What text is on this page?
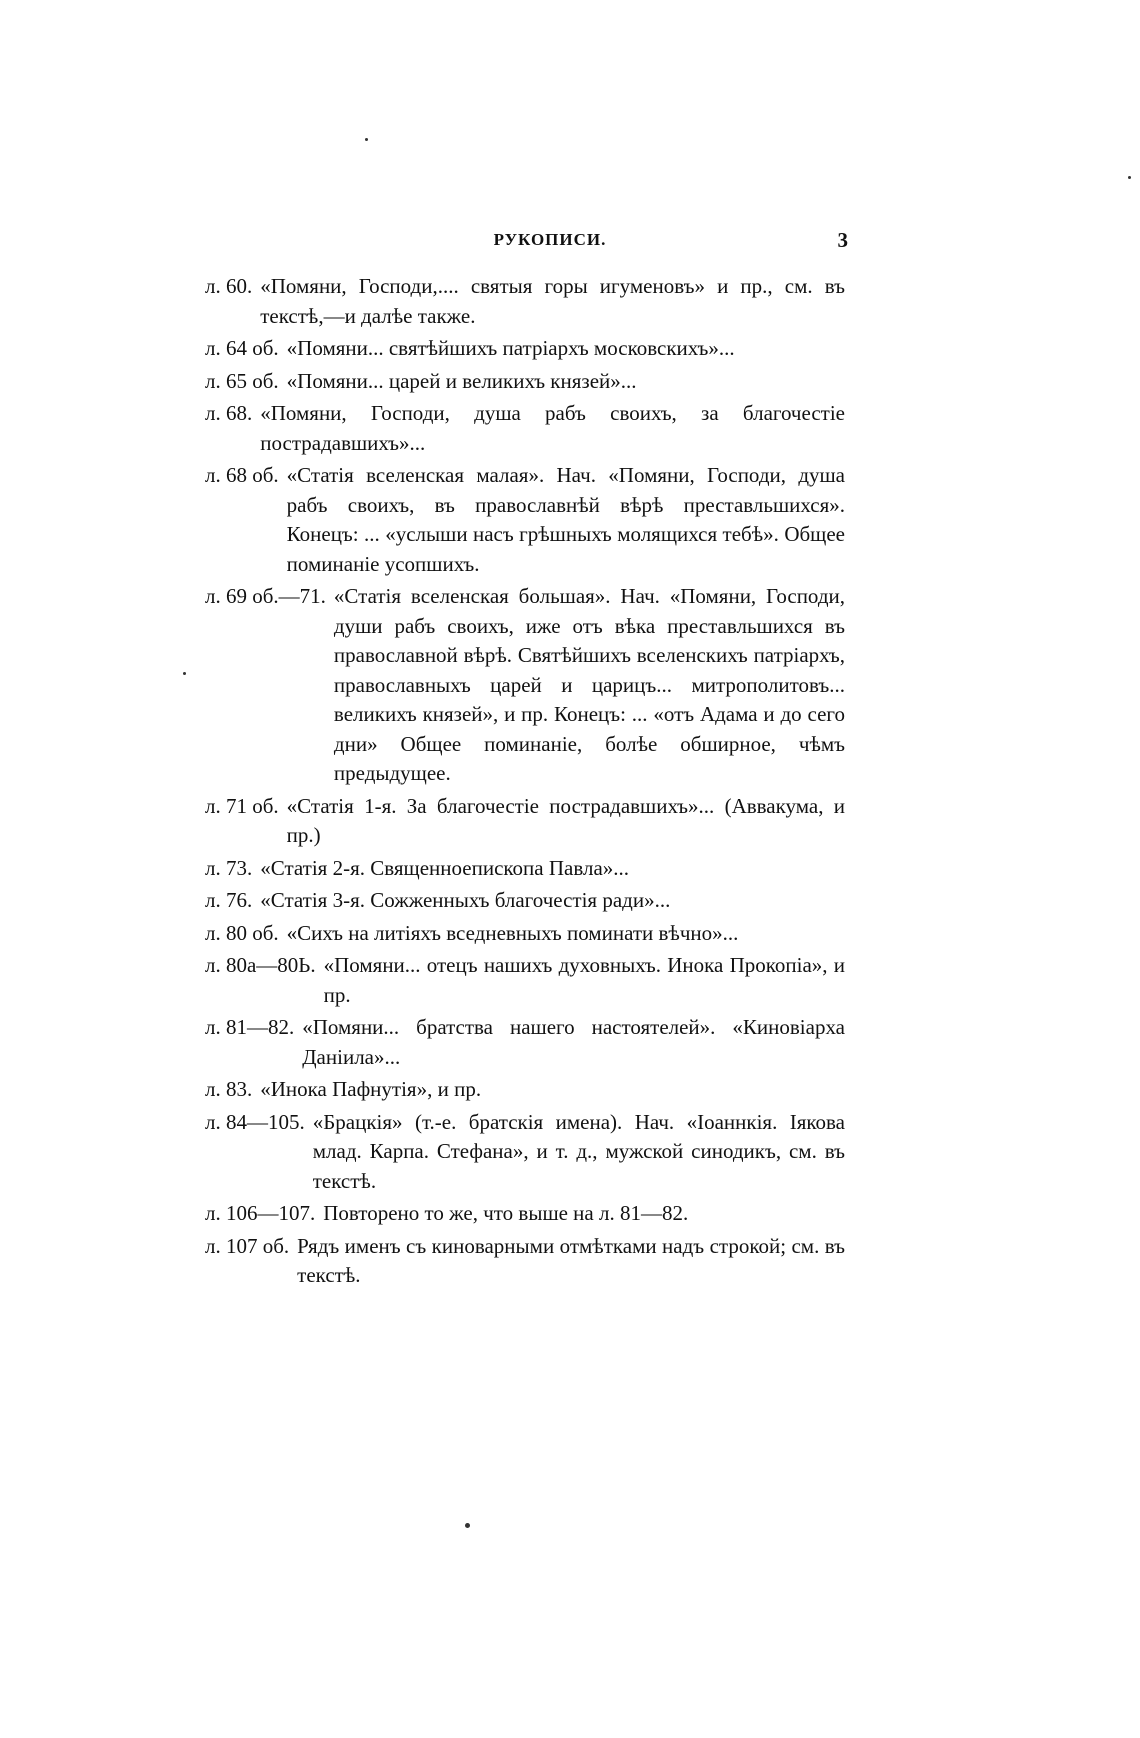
РУКОПИСИ.	3
л. 60. «Помяни, Господи,.... святыя горы игуменовъ» и пр., см. въ текстѣ,—и далѣе также.
л. 64 об. «Помяни... святѣйшихъ патріархъ московскихъ»...
л. 65 об. «Помяни... царей и великихъ князей»...
л. 68. «Помяни, Господи, душа рабъ своихъ, за благочестіе пострадавшихъ»...
л. 68 об. «Статія вселенская малая». Нач. «Помяни, Господи, душа рабъ своихъ, въ православнѣй вѣрѣ преставльшихся». Конецъ: ... «услыши насъ грѣшныхъ молящихся тебѣ». Общее поминаніе усопшихъ.
л. 69 об.—71. «Статія вселенская большая». Нач. «Помяни, Господи, души рабъ своихъ, иже отъ вѣка преставльшихся въ православной вѣрѣ. Святѣйшихъ вселенскихъ патріархъ, православныхъ царей и царицъ... митрополитовъ... великихъ князей», и пр. Конецъ: ... «отъ Адама и до сего дни» Общее поминаніе, болѣе обширное, чѣмъ предыдущее.
л. 71 об. «Статія 1-я. За благочестіе пострадавшихъ»... (Аввакума, и пр.)
л. 73. «Статія 2-я. Священноепископа Павла»...
л. 76. «Статія 3-я. Сожженныхъ благочестія ради»...
л. 80 об. «Сихъ на литіяхъ вседневныхъ поминати вѣчно»...
л. 80а—80Ь. «Помяни... отецъ нашихъ духовныхъ. Инока Прокопіа», и пр.
л. 81—82. «Помяни... братства нашего настоятелей». «Киновіарха Даніила»...
л. 83. «Инока Пафнутія», и пр.
л. 84—105. «Брацкія» (т.-е. братскія имена). Нач. «Іоаннкія. Іякова млад. Карпа. Стефана», и т. д., мужской синодикъ, см. въ текстѣ.
л. 106—107. Повторено то же, что выше на л. 81—82.
л. 107 об. Рядъ именъ съ киноварными отмѣтками надъ строкой; см. въ текстѣ.
